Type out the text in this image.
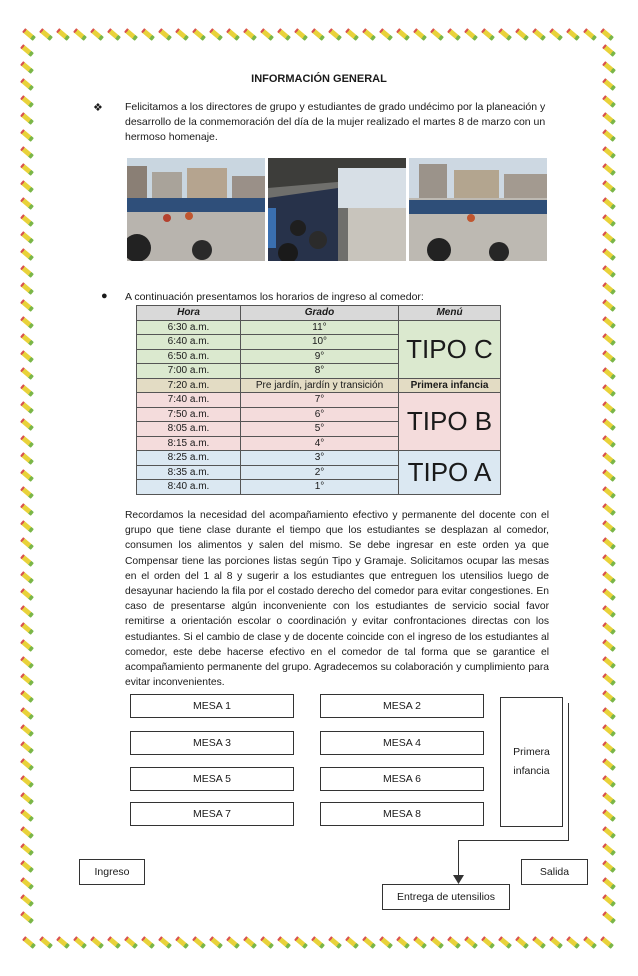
INFORMACIÓN GENERAL
❖ Felicitamos a los directores de grupo y estudiantes de grado undécimo por la planeación y desarrollo de la conmemoración del día de la mujer realizado el martes 8 de marzo con un hermoso homenaje.
● A continuación presentamos los horarios de ingreso al comedor:
Hora	Grado	Menú
6:30 a.m.	11°	TIPO C
6:40 a.m.	10°	
6:50 a.m.	9°	
7:00 a.m.	8°	
7:20 a.m.	Pre jardín, jardín y transición	Primera infancia
7:40 a.m.	7°	TIPO B
7:50 a.m.	6°	
8:05 a.m.	5°	
8:15 a.m.	4°	
8:25 a.m.	3°	TIPO A
8:35 a.m.	2°	
8:40 a.m.	1°	
Recordamos la necesidad del acompañamiento efectivo y permanente del docente con el grupo que tiene clase durante el tiempo que los estudiantes se desplazan al comedor, consumen los alimentos y salen del mismo. Se debe ingresar en este orden ya que Compensar tiene las porciones listas según Tipo y Gramaje. Solicitamos ocupar las mesas en el orden del 1 al 8 y sugerir a los estudiantes que entreguen los utensilios luego de desayunar haciendo la fila por el costado derecho del comedor para evitar congestiones. En caso de presentarse algún inconveniente con los estudiantes de servicio social favor remitirse a orientación escolar o coordinación y evitar confrontaciones directas con los estudiantes. Si el cambio de clase y de docente coincide con el ingreso de los estudiantes al comedor, este debe hacerse efectivo en el comedor de tal forma que se garantice el acompañamiento permanente del grupo. Agradecemos su colaboración y cumplimiento para evitar inconvenientes.
MESA 1	MESA 2
MESA 3	MESA 4
MESA 5	MESA 6
MESA 7	MESA 8
Primera infancia
Ingreso	Salida
Entrega de utensilios
